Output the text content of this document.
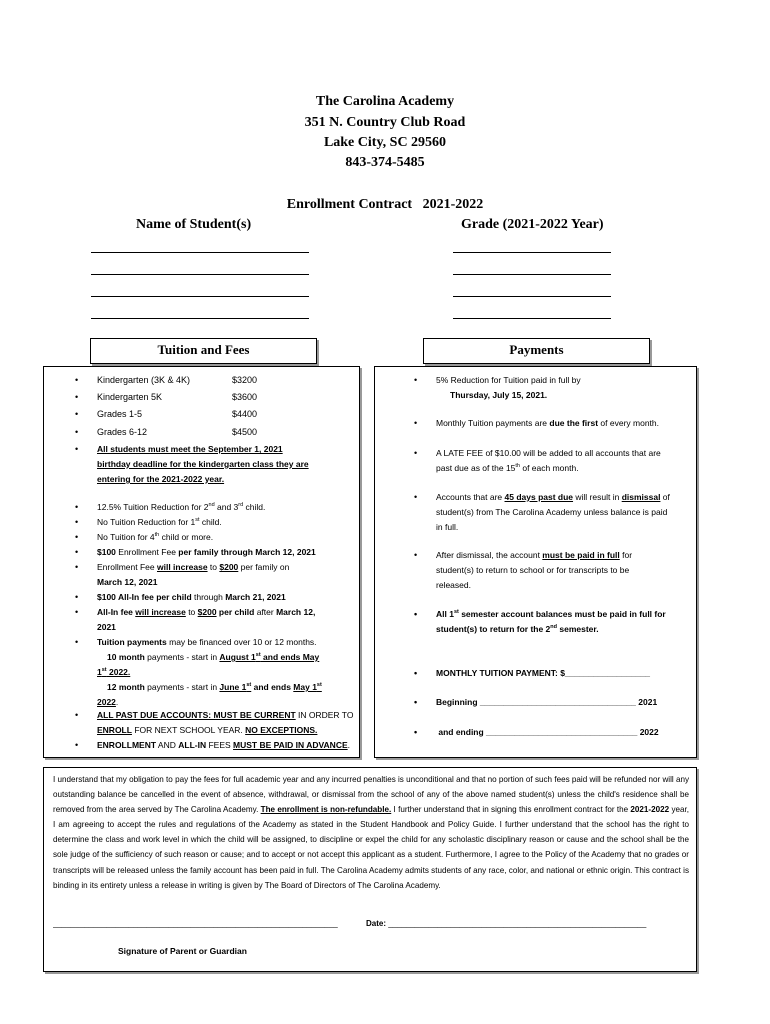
The Carolina Academy
351 N. Country Club Road
Lake City, SC 29560
843-374-5485
Enrollment Contract   2021-2022
Name of Student(s)	Grade (2021-2022 Year)
Tuition and Fees	Payments
• Kindergarten (3K & 4K)	$3200
• Kindergarten 5K	$3600
• Grades 1-5	$4400
• Grades 6-12	$4500
• All students must meet the September 1, 2021
birthday deadline for the kindergarten class they are
entering for the 2021-2022 year.
• 12.5% Tuition Reduction for 2nd and 3rd child.
• No Tuition Reduction for 1st child.
• No Tuition for 4th child or more.
• $100 Enrollment Fee per family through March 12, 2021
• Enrollment Fee will increase to $200 per family on
March 12, 2021
• $100 All-In fee per child through March 21, 2021
• All-In fee will increase to $200 per child after March 12,
2021
• Tuition payments may be financed over 10 or 12 months.
10 month payments - start in August 1st and ends May
1st 2022.
12 month payments - start in June 1st and ends May 1st
2022.
• ALL PAST DUE ACCOUNTS: MUST BE CURRENT IN ORDER TO
ENROLL FOR NEXT SCHOOL YEAR. NO EXCEPTIONS.
• ENROLLMENT AND ALL-IN FEES MUST BE PAID IN ADVANCE.
• 5% Reduction for Tuition paid in full by
Thursday, July 15, 2021.
• Monthly Tuition payments are due the first of every month.
• A LATE FEE of $10.00 will be added to all accounts that are
past due as of the 15th of each month.
• Accounts that are 45 days past due will result in dismissal of
student(s) from The Carolina Academy unless balance is paid
in full.
• After dismissal, the account must be paid in full for
student(s) to return to school or for transcripts to be
released.
• All 1st semester account balances must be paid in full for
student(s) to return for the 2nd semester.
• MONTHLY TUITION PAYMENT: $__________________
• Beginning _________________________________ 2021
•  and ending ________________________________ 2022
I understand that my obligation to pay the fees for full academic year and any incurred penalties is unconditional and that no portion of such fees paid will be refunded nor will any outstanding balance be cancelled in the event of absence, withdrawal, or dismissal from the school of any of the above named student(s) unless the child's residence shall be removed from the area served by The Carolina Academy. The enrollment is non-refundable. I further understand that in signing this enrollment contract for the 2021-2022 year, I am agreeing to accept the rules and regulations of the Academy as stated in the Student Handbook and Policy Guide. I further understand that the school has the right to determine the class and work level in which the child will be assigned, to discipline or expel the child for any scholastic disciplinary reason or cause and the school shall be the sole judge of the sufficiency of such reason or cause; and to accept or not accept this applicant as a student. Furthermore, I agree to the Policy of the Academy that no grades or transcripts will be released unless the family account has been paid in full. The Carolina Academy admits students of any race, color, and national or ethnic origin. This contract is binding in its entirety unless a release in writing is given by The Board of Directors of The Carolina Academy.
________________________________________________________________	Date: __________________________________________________________
Signature of Parent or Guardian
